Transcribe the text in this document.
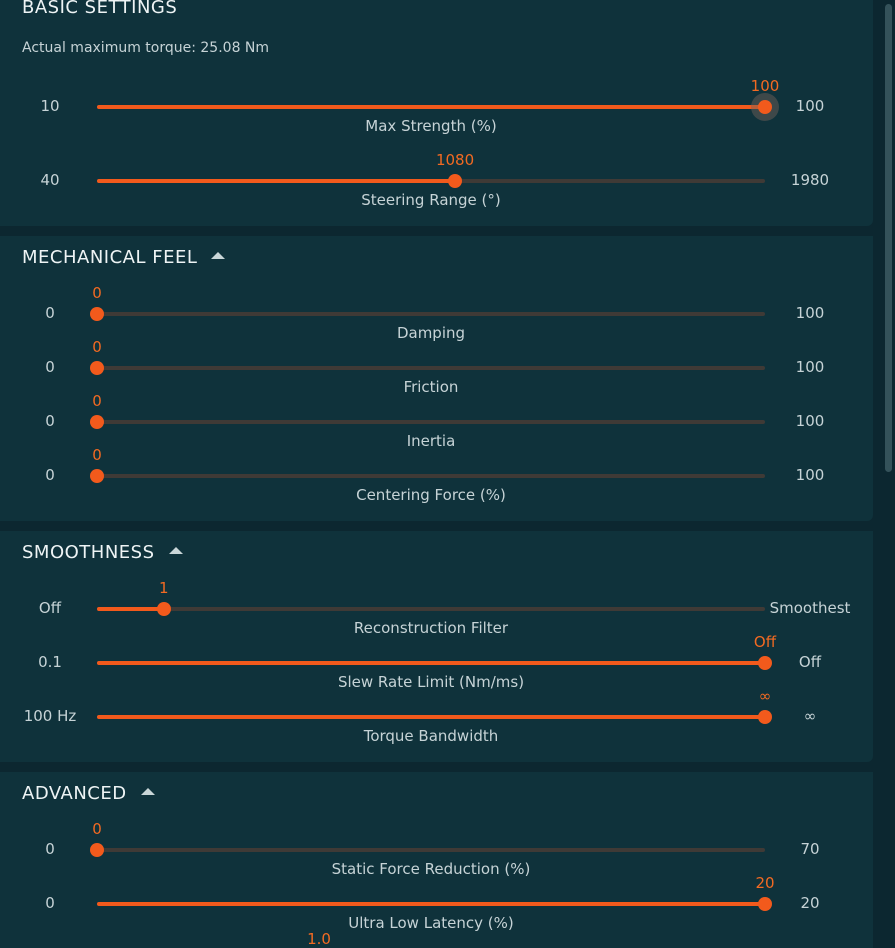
BASIC SETTINGS
Actual maximum torque: 25.08 Nm
10
100
100
Max Strength (%)
40
1080
1980
Steering Range (°)
MECHANICAL FEEL
0
0
100
Damping
0
0
100
Friction
0
0
100
Inertia
0
0
100
Centering Force (%)
SMOOTHNESS
Off
1
Smoothest
Reconstruction Filter
0.1
Off
Off
Slew Rate Limit (Nm/ms)
100 Hz
∞
∞
Torque Bandwidth
ADVANCED
0
0
70
Static Force Reduction (%)
0
20
20
Ultra Low Latency (%)
1.0
